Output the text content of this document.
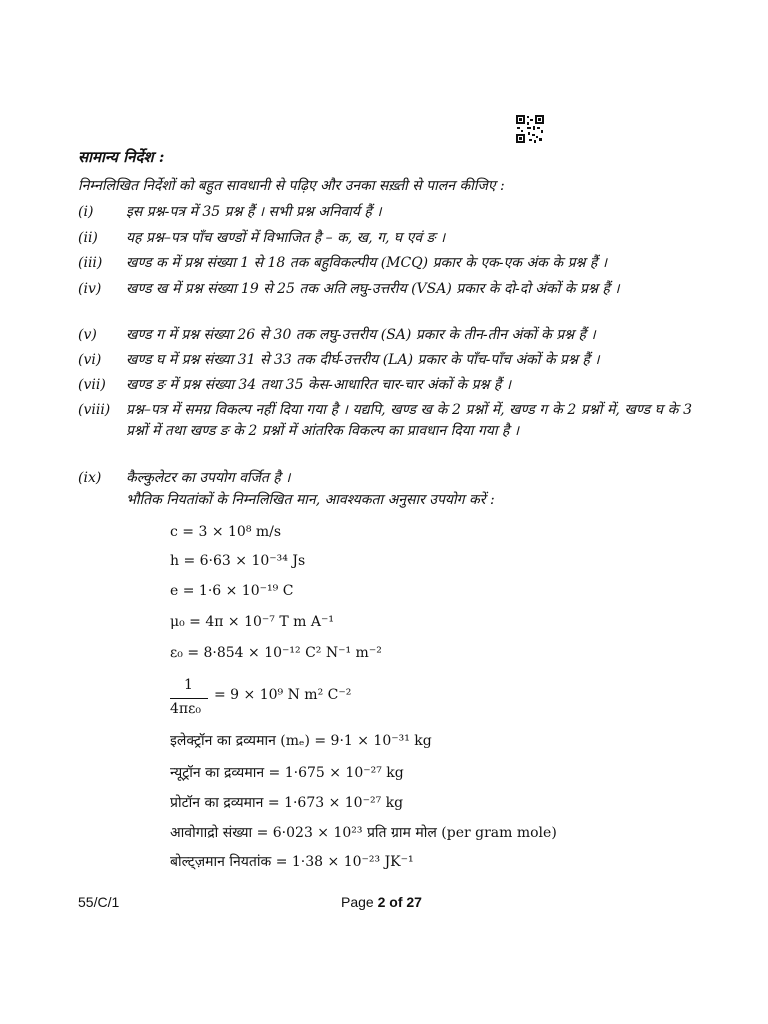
सामान्य निर्देश :
निम्नलिखित निर्देशों को बहुत सावधानी से पढ़िए और उनका सख़्ती से पालन कीजिए :
(i) इस प्रश्न-पत्र में 35 प्रश्न हैं । सभी प्रश्न अनिवार्य हैं ।
(ii) यह प्रश्न–पत्र पाँच खण्डों में विभाजित है – क, ख, ग, घ एवं ङ ।
(iii) खण्ड क में प्रश्न संख्या 1 से 18 तक बहुविकल्पीय (MCQ) प्रकार के एक-एक अंक के प्रश्न हैं ।
(iv) खण्ड ख में प्रश्न संख्या 19 से 25 तक अति लघु-उत्तरीय (VSA) प्रकार के दो-दो अंकों के प्रश्न हैं ।
(v) खण्ड ग में प्रश्न संख्या 26 से 30 तक लघु-उत्तरीय (SA) प्रकार के तीन-तीन अंकों के प्रश्न हैं ।
(vi) खण्ड घ में प्रश्न संख्या 31 से 33 तक दीर्घ-उत्तरीय (LA) प्रकार के पाँच-पाँच अंकों के प्रश्न हैं ।
(vii) खण्ड ङ में प्रश्न संख्या 34 तथा 35 केस-आधारित चार-चार अंकों के प्रश्न हैं ।
(viii) प्रश्न–पत्र में समग्र विकल्प नहीं दिया गया है । यद्यपि, खण्ड ख के 2 प्रश्नों में, खण्ड ग के 2 प्रश्नों में, खण्ड घ के 3 प्रश्नों में तथा खण्ड ङ के 2 प्रश्नों में आंतरिक विकल्प का प्रावधान दिया गया है ।
(ix) कैल्कुलेटर का उपयोग वर्जित है ।
भौतिक नियतांकों के निम्नलिखित मान, आवश्यकता अनुसार उपयोग करें :
c = 3 × 10⁸ m/s
h = 6·63 × 10⁻³⁴ Js
e = 1·6 × 10⁻¹⁹ C
μ₀ = 4π × 10⁻⁷ T m A⁻¹
ε₀ = 8·854 × 10⁻¹² C² N⁻¹ m⁻²
1
4πε₀
= 9 × 10⁹ N m² C⁻²
इलेक्ट्रॉन का द्रव्यमान (mₑ) = 9·1 × 10⁻³¹ kg
न्यूट्रॉन का द्रव्यमान = 1·675 × 10⁻²⁷ kg
प्रोटॉन का द्रव्यमान = 1·673 × 10⁻²⁷ kg
आवोगाद्रो संख्या = 6·023 × 10²³ प्रति ग्राम मोल (per gram mole)
बोल्ट्ज़मान नियतांक = 1·38 × 10⁻²³ JK⁻¹
55/C/1	Page 2 of 27
